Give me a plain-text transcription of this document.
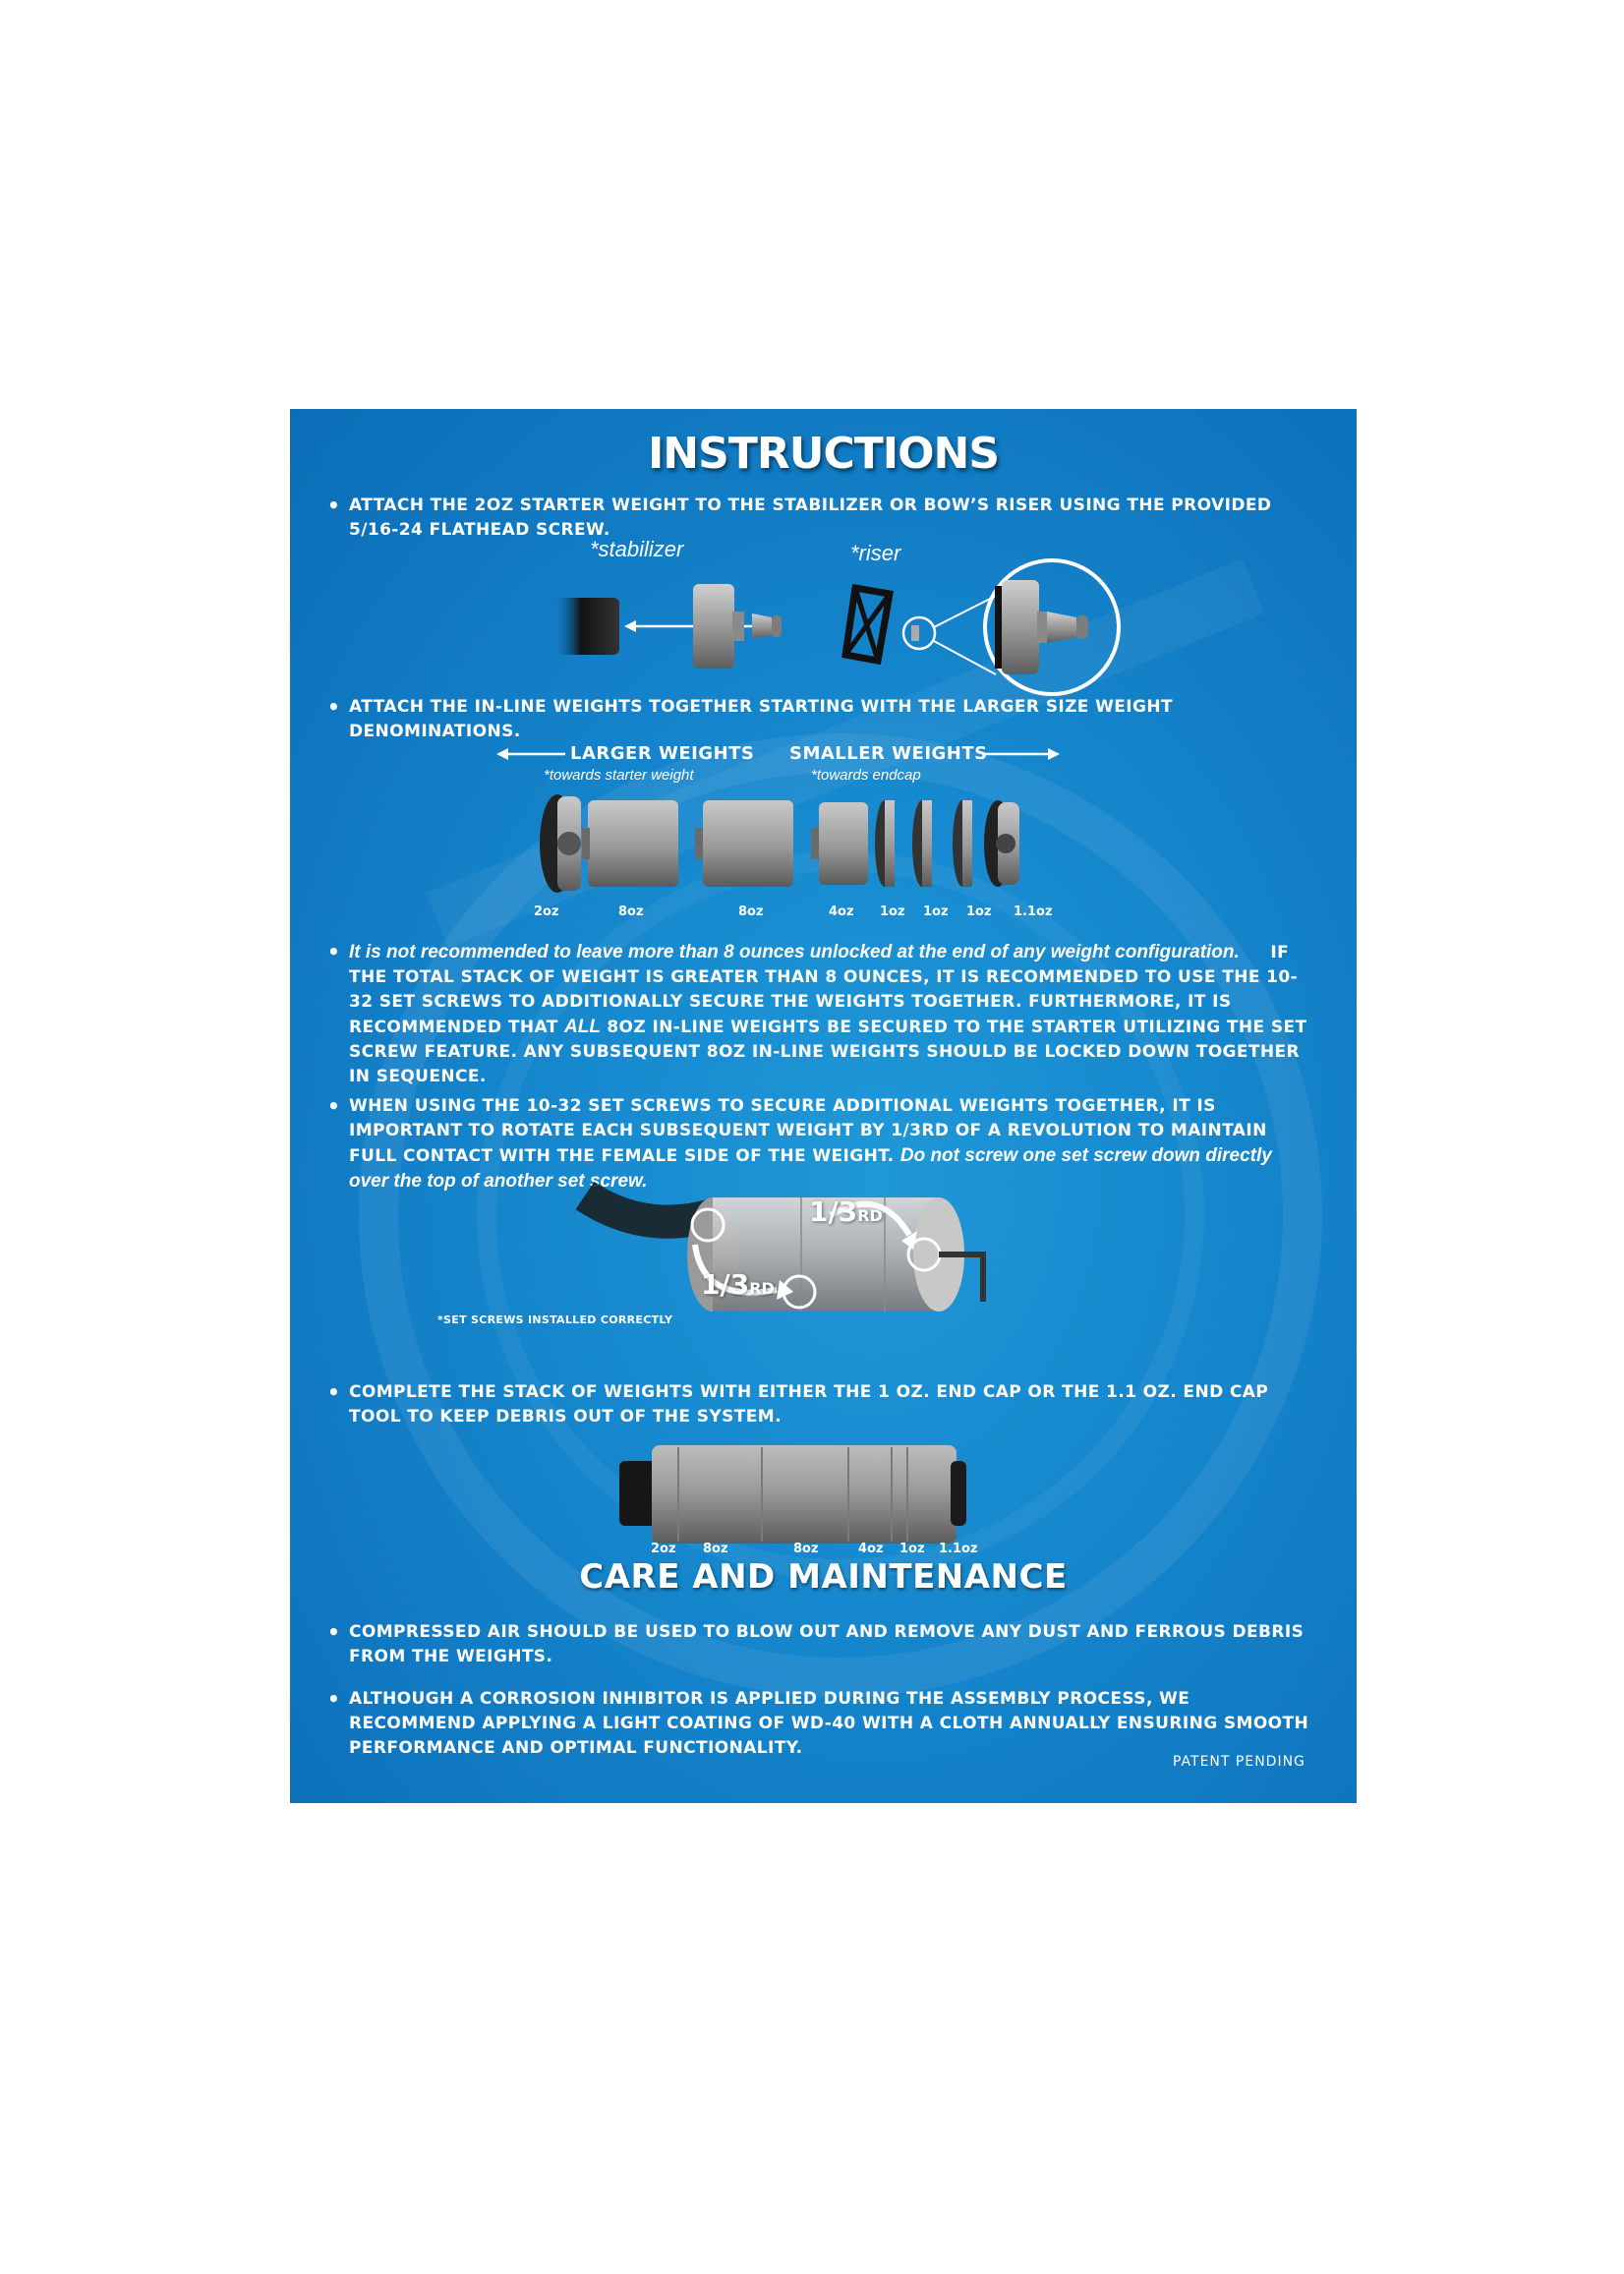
INSTRUCTIONS
• ATTACH THE 2OZ STARTER WEIGHT TO THE STABILIZER OR BOW’S RISER USING THE PROVIDED 5/16-24 FLATHEAD SCREW.
*stabilizer	*riser
• ATTACH THE IN-LINE WEIGHTS TOGETHER STARTING WITH THE LARGER SIZE WEIGHT DENOMINATIONS.
LARGER WEIGHTS SMALLER WEIGHTS
*towards starter weight	*towards endcap
2oz	8oz	8oz	4oz 1oz 1oz 1oz 1.1oz
• It is not recommended to leave more than 8 ounces unlocked at the end of any weight configuration. IF THE TOTAL STACK OF WEIGHT IS GREATER THAN 8 OUNCES, IT IS RECOMMENDED TO USE THE 10-32 SET SCREWS TO ADDITIONALLY SECURE THE WEIGHTS TOGETHER. FURTHERMORE, IT IS RECOMMENDED THAT ALL 8OZ IN-LINE WEIGHTS BE SECURED TO THE STARTER UTILIZING THE SET SCREW FEATURE. ANY SUBSEQUENT 8OZ IN-LINE WEIGHTS SHOULD BE LOCKED DOWN TOGETHER IN SEQUENCE.
• WHEN USING THE 10-32 SET SCREWS TO SECURE ADDITIONAL WEIGHTS TOGETHER, IT IS IMPORTANT TO ROTATE EACH SUBSEQUENT WEIGHT BY 1/3RD OF A REVOLUTION TO MAINTAIN FULL CONTACT WITH THE FEMALE SIDE OF THE WEIGHT. Do not screw one set screw down directly over the top of another set screw.
1/3RD
1/3RD
*SET SCREWS INSTALLED CORRECTLY
• COMPLETE THE STACK OF WEIGHTS WITH EITHER THE 1 OZ. END CAP OR THE 1.1 OZ. END CAP TOOL TO KEEP DEBRIS OUT OF THE SYSTEM.
2oz 8oz	8oz	4oz 1oz 1.1oz
CARE AND MAINTENANCE
• COMPRESSED AIR SHOULD BE USED TO BLOW OUT AND REMOVE ANY DUST AND FERROUS DEBRIS FROM THE WEIGHTS.
• ALTHOUGH A CORROSION INHIBITOR IS APPLIED DURING THE ASSEMBLY PROCESS, WE RECOMMEND APPLYING A LIGHT COATING OF WD-40 WITH A CLOTH ANNUALLY ENSURING SMOOTH PERFORMANCE AND OPTIMAL FUNCTIONALITY.
PATENT PENDING
